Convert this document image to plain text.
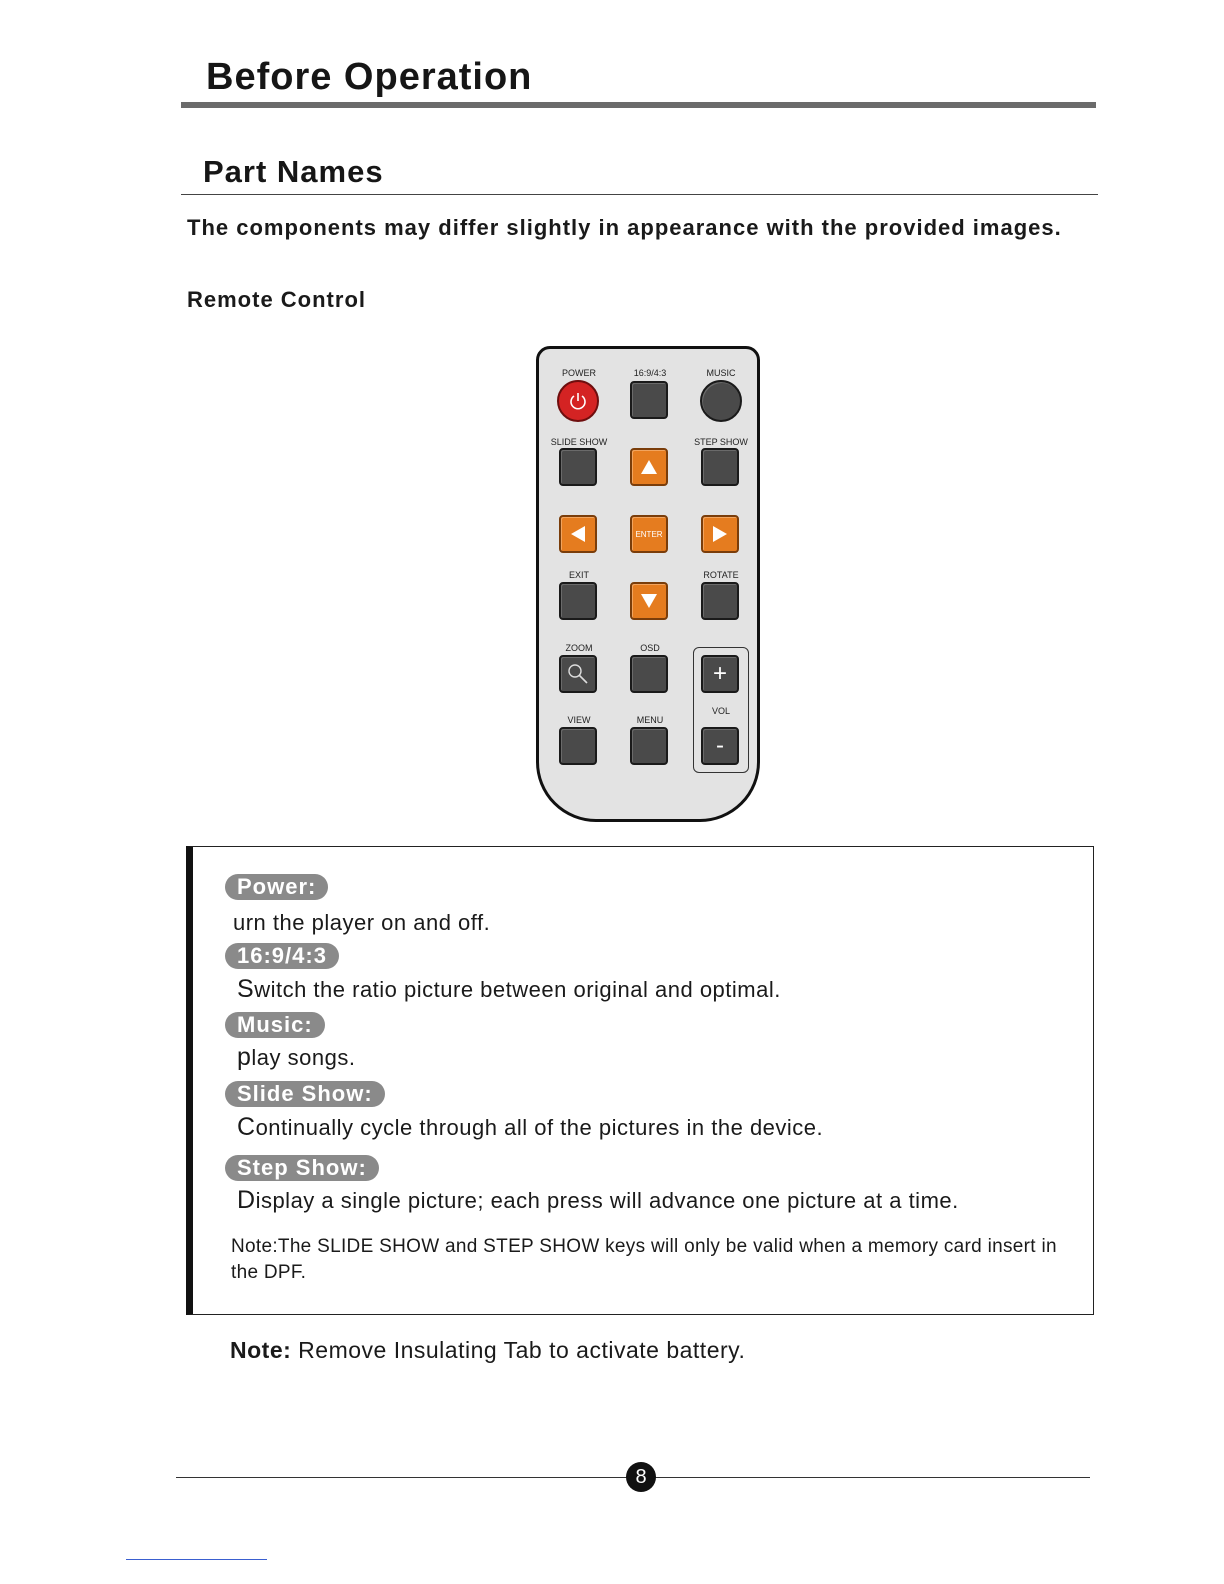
Before Operation
Part Names
The components may differ slightly in appearance with the provided images.
Remote Control
POWER	16:9/4:3	MUSIC
SLIDE SHOW	STEP SHOW
ENTER
EXIT	ROTATE
ZOOM	OSD
+
VOL
VIEW	MENU
-
Power:
urn the player on and off.
16:9/4:3
Switch the ratio picture between original and optimal.
Music:
play songs.
Slide Show:
Continually cycle through all of the pictures in the device.
Step Show:
Display a single picture; each press will advance one picture at a time.
Note:The SLIDE SHOW and STEP SHOW keys will only be valid when a memory card insert in the DPF.
Note: Remove Insulating Tab to activate battery.
8
